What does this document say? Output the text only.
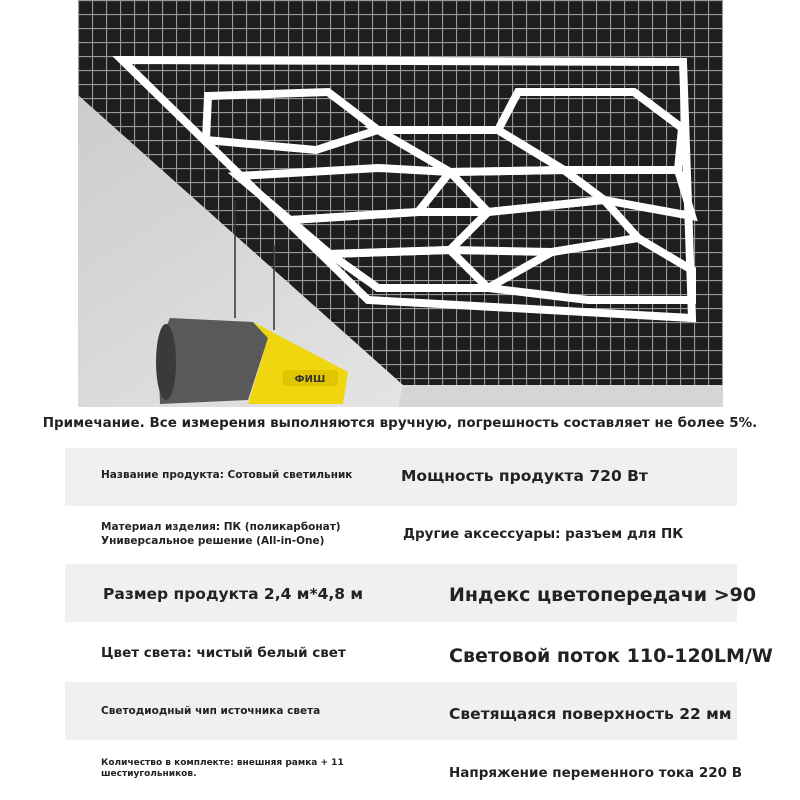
ФИШ
Примечание. Все измерения выполняются вручную, погрешность составляет не более 5%.
Название продукта: Сотовый светильник	Мощность продукта 720 Вт
Материал изделия: ПК (поликарбонат)
Универсальное решение (All-in-One)	Другие аксессуары: разъем для ПК
Размер продукта 2,4 м*4,8 м	Индекс цветопередачи >90
Цвет света: чистый белый свет	Световой поток 110-120LM/W
Светодиодный чип источника света	Светящаяся поверхность 22 мм
Количество в комплекте: внешняя рамка + 11
шестиугольников.	Напряжение переменного тока 220 В
